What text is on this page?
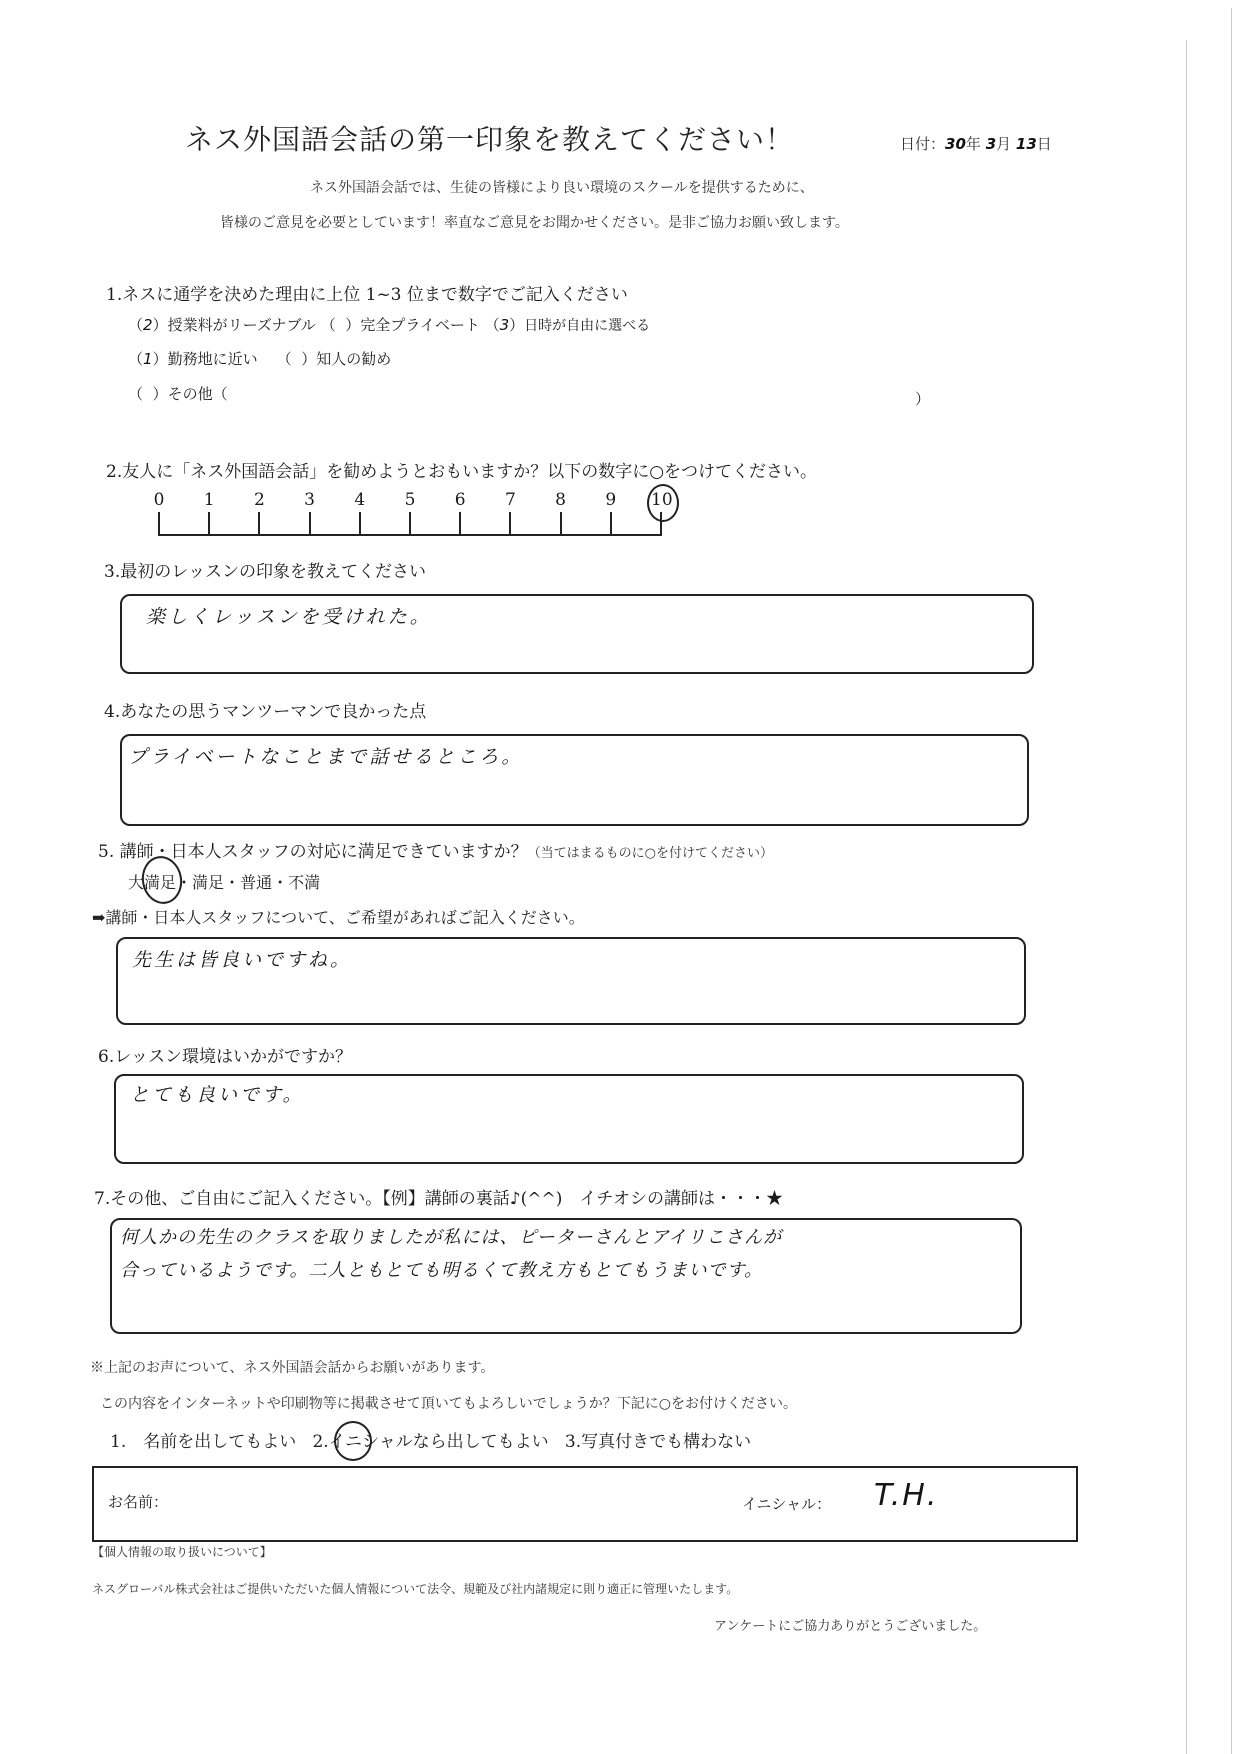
ネス外国語会話の第一印象を教えてください！	日付：30年 3月 13日
ネス外国語会話では、生徒の皆様により良い環境のスクールを提供するために、
皆様のご意見を必要としています！率直なご意見をお聞かせください。是非ご協力お願い致します。
1.ネスに通学を決めた理由に上位 1~3 位まで数字でご記入ください
（2）授業料がリーズナブル （  ）完全プライベート （3）日時が自由に選べる
（1）勤務地に近い    （  ）知人の勧め
（  ）その他（	）
2.友人に「ネス外国語会話」を勧めようとおもいますか？以下の数字に○をつけてください。
0 1 2 3 4 5 6 7 8 9 10
3.最初のレッスンの印象を教えてください
楽しくレッスンを受けれた。
4.あなたの思うマンツーマンで良かった点
プライベートなことまで話せるところ。
5. 講師・日本人スタッフの対応に満足できていますか？（当てはまるものに○を付けてください）
大満足・満足・普通・不満
➡講師・日本人スタッフについて、ご希望があればご記入ください。
先生は皆良いですね。
6.レッスン環境はいかがですか？
とても良いです。
7.その他、ご自由にご記入ください。【例】講師の裏話♪(^^)　イチオシの講師は・・・★
何人かの先生のクラスを取りましたが私には、ピーターさんとアイリこさんが
合っているようです。二人ともとても明るくて教え方もとてもうまいです。
※上記のお声について、ネス外国語会話からお願いがあります。
この内容をインターネットや印刷物等に掲載させて頂いてもよろしいでしょうか？下記に○をお付けください。
1.　名前を出してもよい 2.イニシャルなら出してもよい 3.写真付きでも構わない
お名前：	イニシャル： T.H.
【個人情報の取り扱いについて】
ネスグローバル株式会社はご提供いただいた個人情報について法令、規範及び社内諸規定に則り適正に管理いたします。
アンケートにご協力ありがとうございました。
